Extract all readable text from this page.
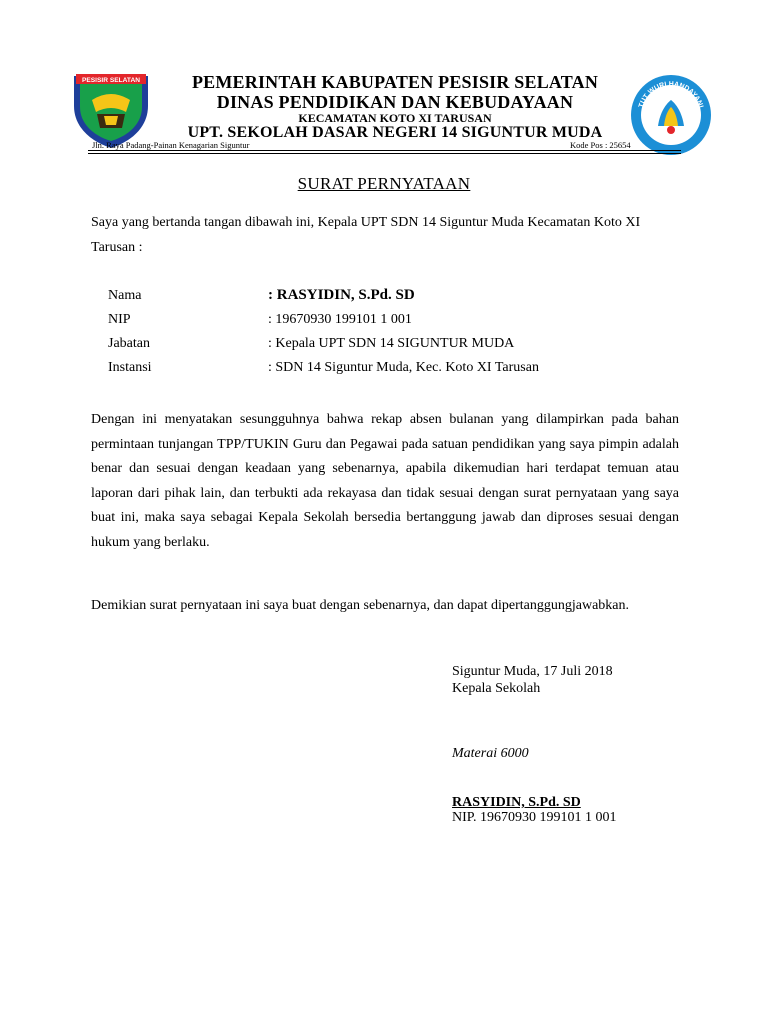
PESISIR SELATAN	PEMERINTAH KABUPATEN PESISIR SELATAN
DINAS PENDIDIKAN DAN KEBUDAYAAN
KECAMATAN KOTO XI TARUSAN
UPT. SEKOLAH DASAR NEGERI 14 SIGUNTUR MUDA
TUT WURI HANDAYANI
Jln. Raya Padang-Painan Kenagarian Siguntur	Kode Pos : 25654
SURAT PERNYATAAN
Saya yang bertanda tangan dibawah ini, Kepala UPT SDN 14 Siguntur Muda Kecamatan Koto XI Tarusan :
Nama	: RASYIDIN, S.Pd. SD
NIP	: 19670930 199101 1 001
Jabatan	: Kepala UPT SDN 14 SIGUNTUR MUDA
Instansi	: SDN 14 Siguntur Muda, Kec. Koto XI Tarusan
Dengan ini menyatakan sesungguhnya bahwa rekap absen bulanan yang dilampirkan pada bahan permintaan tunjangan TPP/TUKIN Guru dan Pegawai pada satuan pendidikan yang saya pimpin adalah benar dan sesuai dengan keadaan yang sebenarnya, apabila dikemudian hari terdapat temuan atau laporan dari pihak lain, dan terbukti ada rekayasa dan tidak sesuai dengan surat pernyataan yang saya buat ini, maka saya sebagai Kepala Sekolah bersedia bertanggung jawab dan diproses sesuai dengan hukum yang berlaku.
Demikian surat pernyataan ini saya buat dengan sebenarnya, dan dapat dipertanggungjawabkan.
Siguntur Muda, 17 Juli 2018
Kepala Sekolah
Materai 6000
RASYIDIN, S.Pd. SD
NIP. 19670930 199101 1 001
